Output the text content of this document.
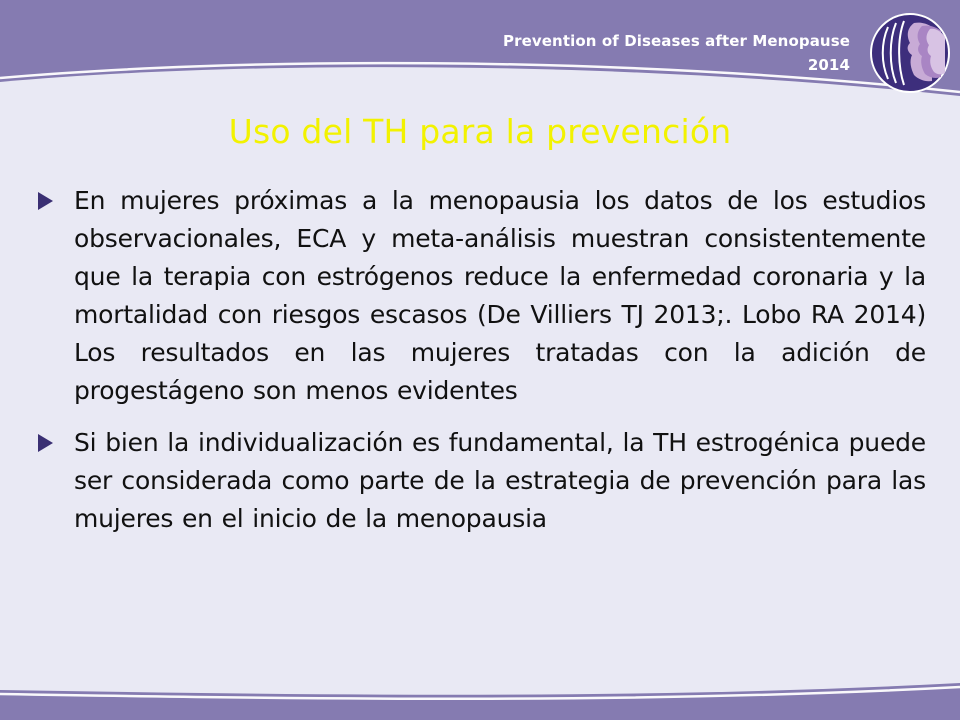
Prevention of Diseases after Menopause
2014
Uso del TH para la prevención
En mujeres próximas a la menopausia los datos de los estudios observacionales, ECA y meta-análisis muestran consistentemente que la terapia con estrógenos reduce la enfermedad coronaria y la mortalidad con riesgos escasos (De Villiers TJ 2013;. Lobo RA 2014) Los resultados en las mujeres tratadas con la adición de progestágeno son menos evidentes
Si bien la individualización es fundamental, la TH estrogénica puede ser considerada como parte de la estrategia de prevención para las mujeres en el inicio de la menopausia
